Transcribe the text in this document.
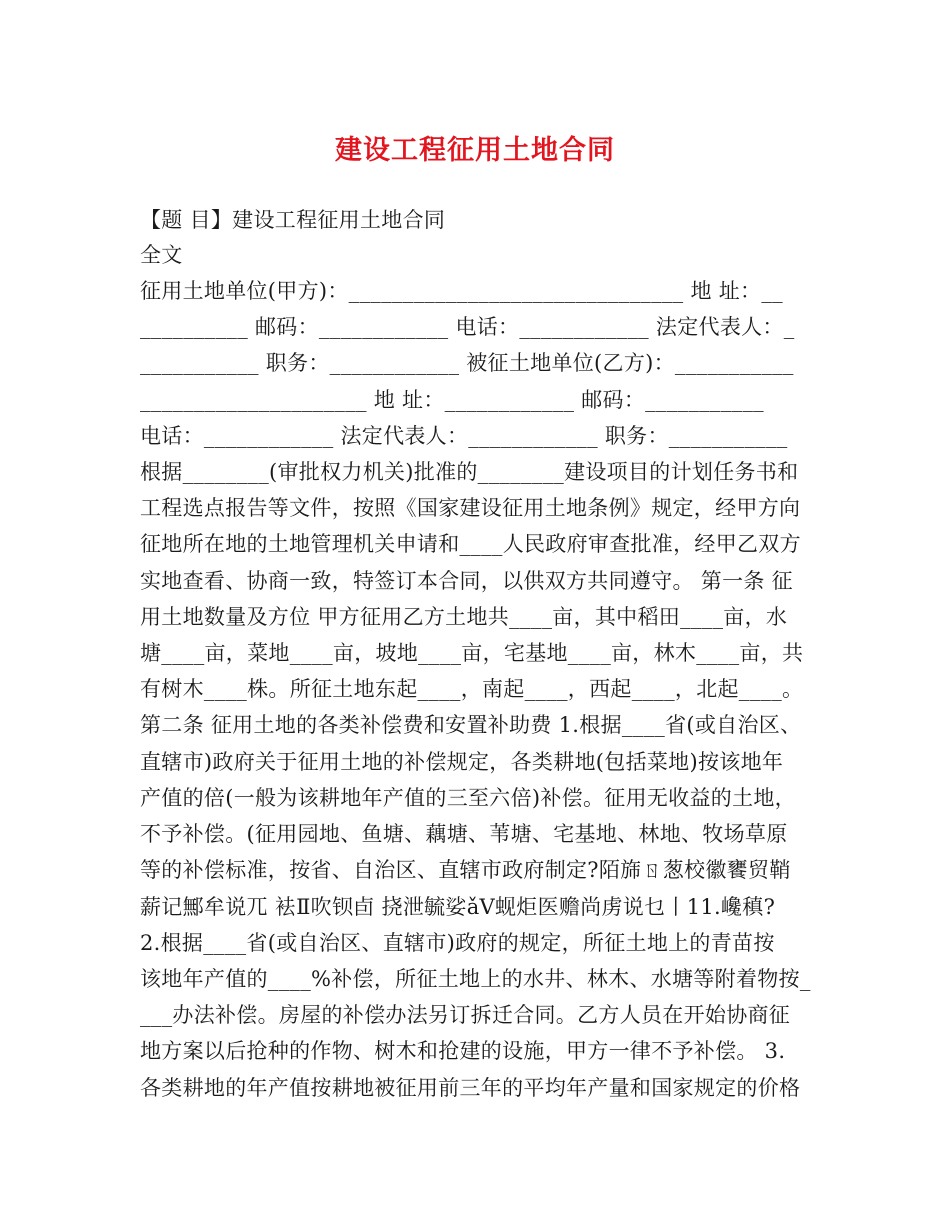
建设工程征用土地合同
【题 目】建设工程征用土地合同
全文
征用土地单位(甲方)：_______________________________ 地 址：__
__________ 邮码：____________ 电话：____________ 法定代表人：_
___________ 职务：____________ 被征土地单位(乙方)：___________
_____________________ 地 址：____________ 邮码：___________
电话：____________ 法定代表人：____________ 职务：___________
根据________(审批权力机关)批准的________建设项目的计划任务书和
工程选点报告等文件，按照《国家建设征用土地条例》规定，经甲方向
征地所在地的土地管理机关申请和____人民政府审查批准，经甲乙双方
实地查看、协商一致，特签订本合同，以供双方共同遵守。 第一条 征
用土地数量及方位 甲方征用乙方土地共____亩，其中稻田____亩，水
塘____亩，菜地____亩，坡地____亩，宅基地____亩，林木____亩，共
有树木____株。所征土地东起____，南起____，西起____，北起____。
第二条 征用土地的各类补偿费和安置补助费 1.根据____省(或自治区、
直辖市)政府关于征用土地的补偿规定，各类耕地(包括菜地)按该地年
产值的倍(一般为该耕地年产值的三至六倍)补偿。征用无收益的土地，
不予补偿。(征用园地、鱼塘、藕塘、苇塘、宅基地、林地、牧场草原
等的补偿标准，按省、自治区、直辖市政府制定?陌旆ㄖ葱校徽饔贸鞘
薪记鄦牟说兀 袪Ⅱ吹钡卣 挠泄毓娑ǎV蚬炬医赡尚虏说乜丨11.巉稹?
2.根据____省(或自治区、直辖市)政府的规定，所征土地上的青苗按
该地年产值的____%补偿，所征土地上的水井、林木、水塘等附着物按_
___办法补偿。房屋的补偿办法另订拆迁合同。乙方人员在开始协商征
地方案以后抢种的作物、树木和抢建的设施，甲方一律不予补偿。 3.
各类耕地的年产值按耕地被征用前三年的平均年产量和国家规定的价格
